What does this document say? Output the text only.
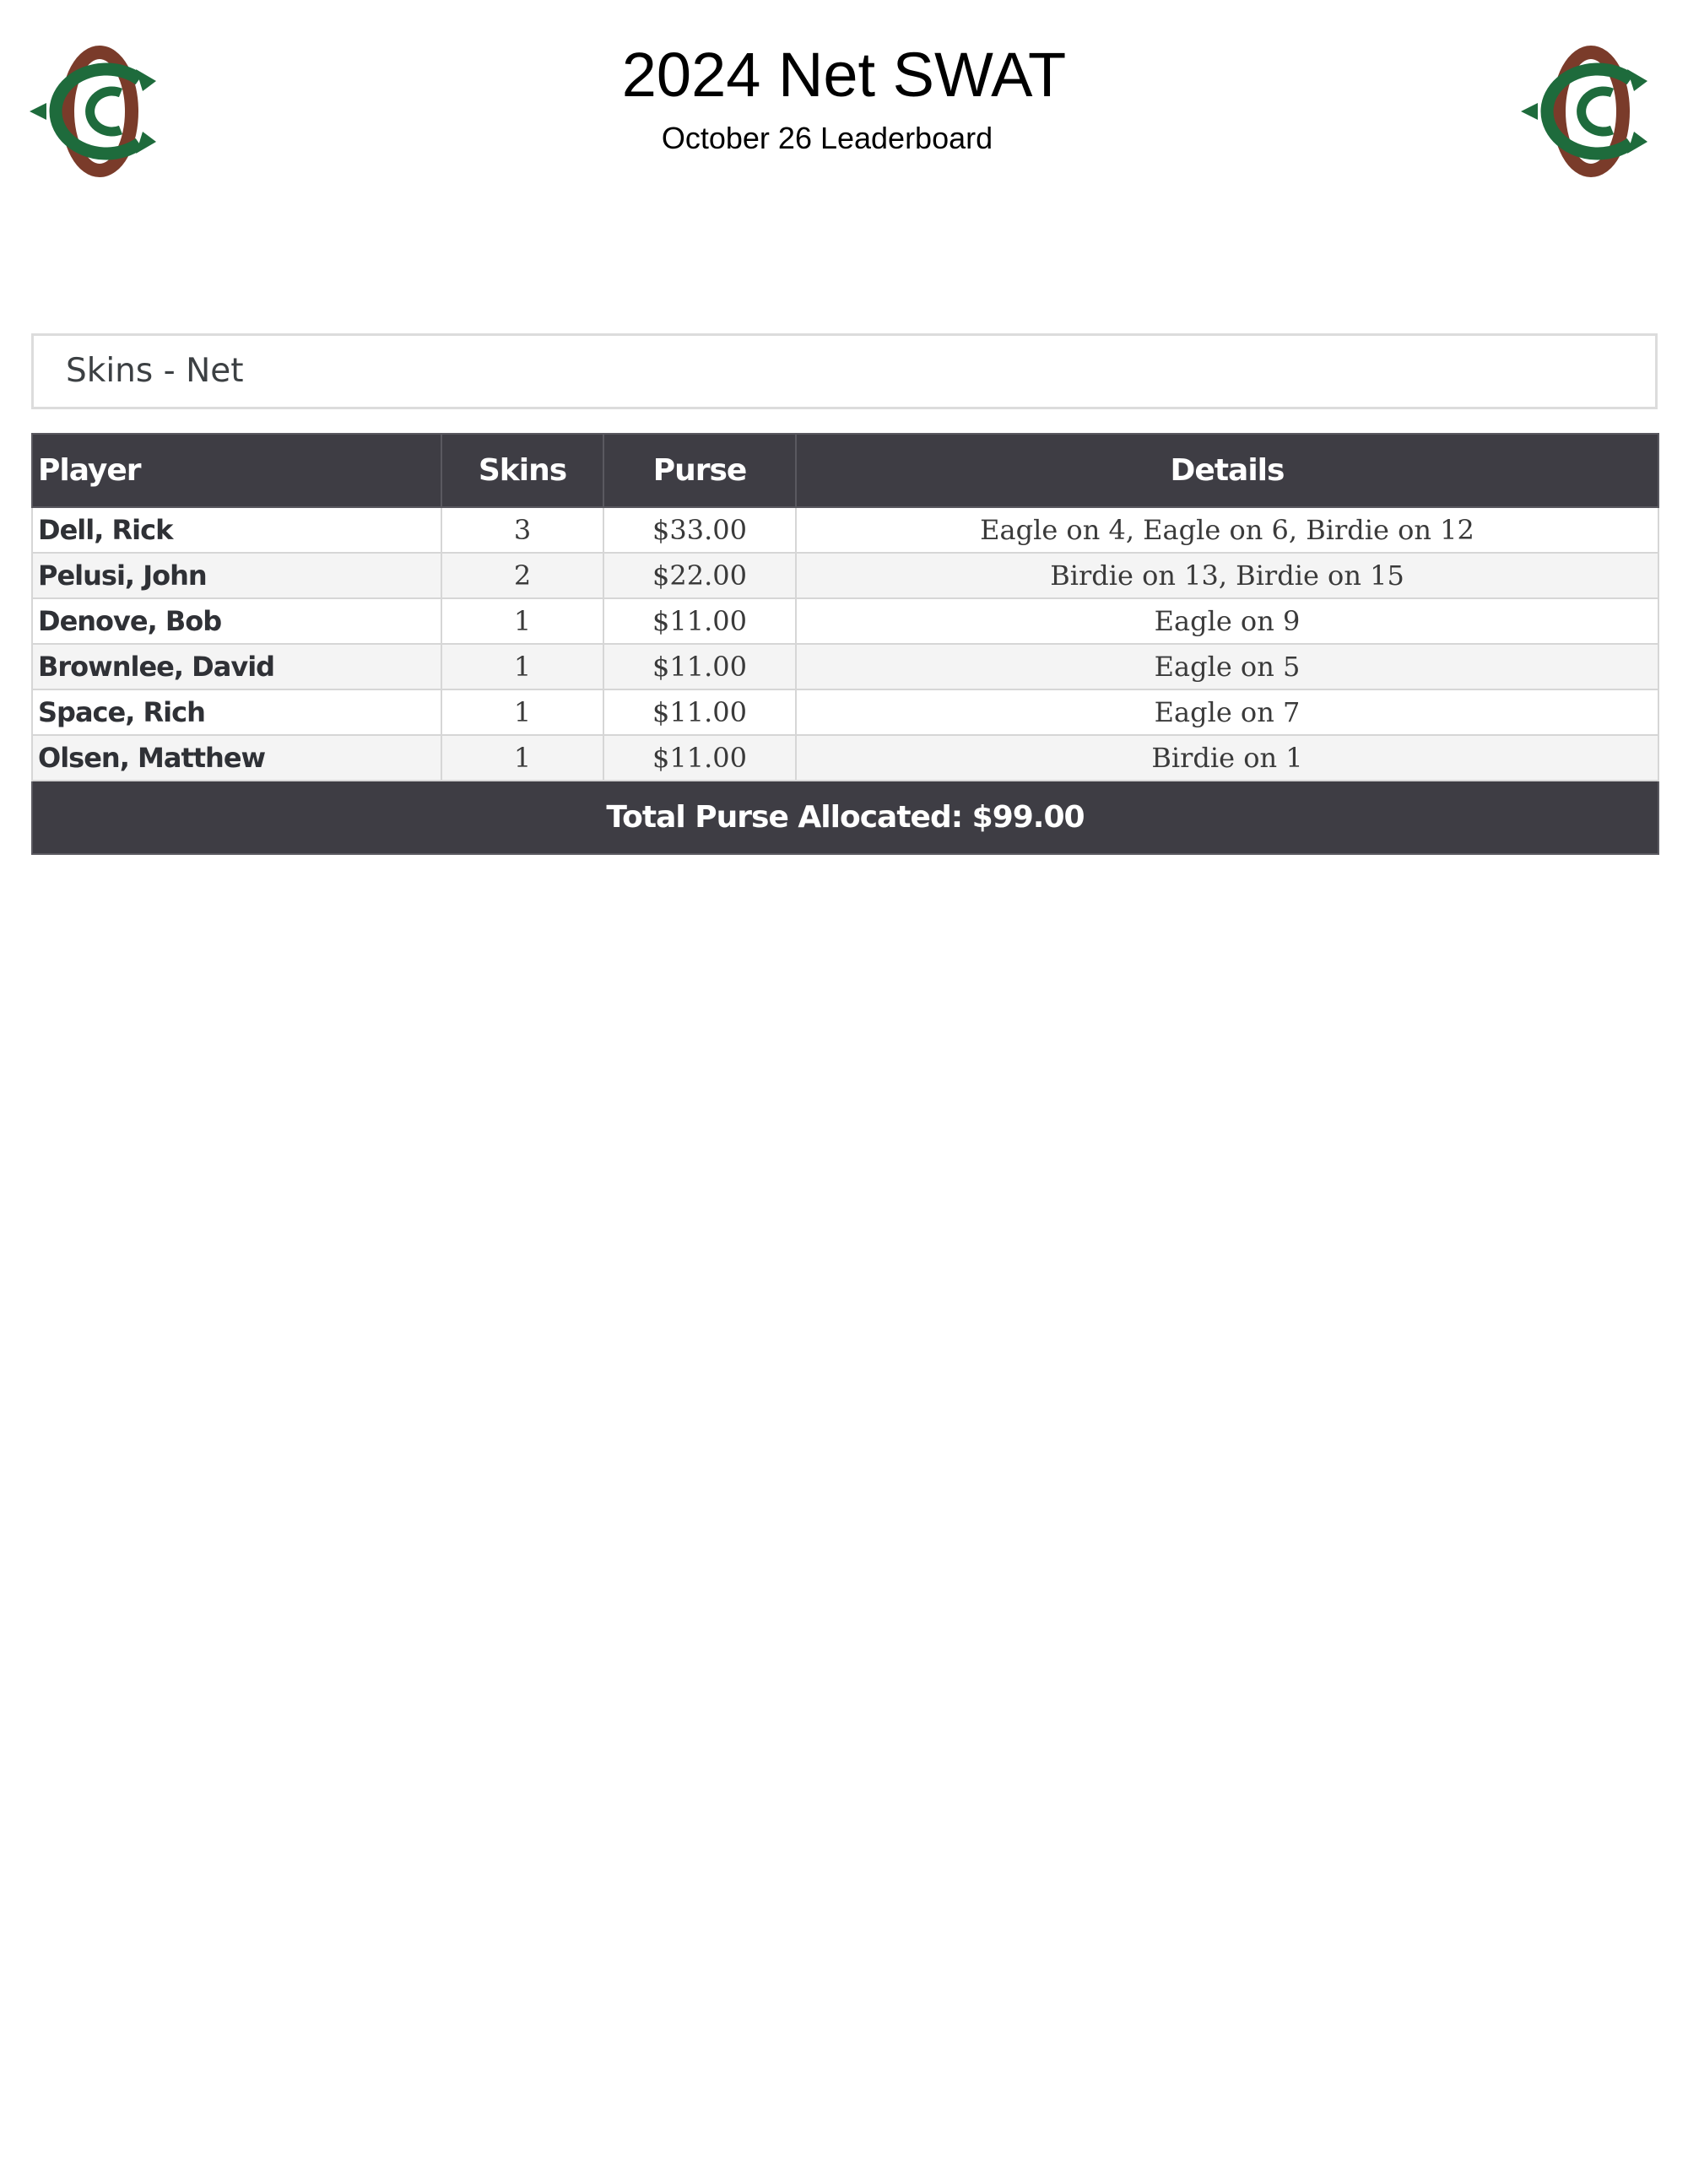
2024 Net SWAT
October 26 Leaderboard
Skins - Net
Player	Skins	Purse	Details
Dell, Rick	3	$33.00	Eagle on 4, Eagle on 6, Birdie on 12
Pelusi, John	2	$22.00	Birdie on 13, Birdie on 15
Denove, Bob	1	$11.00	Eagle on 9
Brownlee, David	1	$11.00	Eagle on 5
Space, Rich	1	$11.00	Eagle on 7
Olsen, Matthew	1	$11.00	Birdie on 1
Total Purse Allocated: $99.00			
